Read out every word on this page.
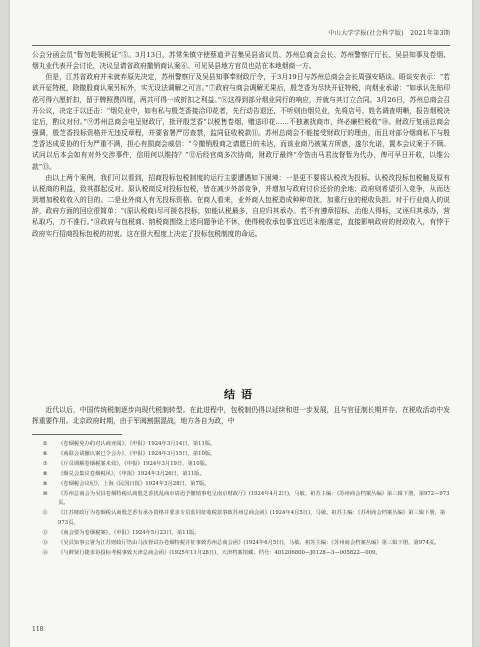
中山大学学报(社会科学版)　2021年第3期

公会分函会员“暂勿赴领税证”⑤。3月13日，苏常朱镇守使蔡道尹召集吴县省议员、苏州总商会会长、苏州警察厅厅长、吴县知事及卷烟、烟丸业代表开会讨论，决议呈请省政府撤销商认案⑥。可见吴县地方官员也站在本地烟商一方。

但是，江苏省政府并未就弃原先决定，苏州警察厅及吴县知事奉财政厅令，于3月19日与苏州总商会会长周强安晤谈。晤谈安表示：“若欲开征特税，除撤股商认案另标外，实无设法调解之可言。”⑦政府与商会调解无果后，殷芝香为尽快开征特税，向烟业承诺：“如承认先贴印花可得六厘折扣，留于牌照费四厘，两共可得一成折扣之利益。”⑧这得到部分烟业同行的响应，并就与其订立合同。3月26日，苏州总商会召开公议，决定于以还击：“烟兑业中，如有私与殷芝香接洽印花者，先行动告退还，不听则由烟兑业，先将店号、姓名调查明晰，报告烟税决定后，酌议对付。”⑨苏州总商会电呈财政厅，批评殷芝香“以税售卷烟，赠送印花……不独紊扰商市，终必廉栏税收”⑩。财政厅复函总商会强调，殷芝香投标资格并无违反章程，并要省署严厉查禁，监同征收税款⑪。苏州总商会不能接受财政厅的理由，而且对部分烟商私下与殷芝香达成妥协的行为严重不满，担心有损商会威信：“今撤销殷商之请愿日的未达，而该业商乃被某方所惑，遂尔允诺，置本会议案于不顾。试问以后本会如有对外交涉事件，信用何以维持？”⑫后经官商多次协商，财政厅最终“令饬由马君汝督暂为代办，俾可早日开收，以维公款”⑬。

由以上两个案例，我们可以看到，招商投标包税制度的运行主要遭遇如下困境：一是更不要将认税改为投标。认税改投标包税触及原有认税商的利益，致其群起反对。原认税商反对投标包税，皆在减少外部竞争，并增加与政府讨价还价的余地；政府则希望引入竞争，从而达到增加税收收入的目的。二是业外商人有无投标资格。在商人看来，业外商人包税造成种种苛扰，加重行业的税收负担。对于行业商人的说辞，政府方面的回应很简单：“(原认税商)尽可援名投标，如能认税最多，自应归其承办。若不有遵章招标，治他人得标，又诬归其承办，营私取巧，万不准行。”⑭政府与包税商、纳税商围绕上述问题争论不休，使得税收承包事宜迟迟未能落定，直接影响政府的财政收入，有悖于政府实行招商投标包税的初衷。这在很大程度上决定了投标包税制度的命运。

结语

近代以后，中国传统税制逐步向现代税制转型。在此进程中，包税制仍得以延续和进一步发展，且与官征制长期并存，在税收活动中发挥重要作用。北京政府时期，由于军阀割据混战，地方各自为政，中

⑤	《卷烟税免办的对认商亚阅》，《申报》1924年3月14日，第11版。
⑥	《商联会请撤认案已令会办》，《申报》1924年3月15日，第10版。
⑦	《斤员调解卷烟税案未效》，《申报》1924年3月19日，第10版。
⑧	《烟兑会集议卷烟税风》，《申报》1924年3月26日，第11版。
⑨	《卷烟税会议纪》，上海《民国日报》1924年3月28日，第7版。
⑩	《苏州总商会为吴县卷烟特税认商殷芝香扰乱商市请迅予撤销事电呈南京财政厅》(1924年4月2日)，马敏、祖苏主编：《苏州商会档案丛编》第三辑下册，第972—973页。
⑪	《江苏财政厅为卷烟税认商殷芝香有承办资格并要求专员监同征收税款事致苏州总商会函》(1924年4月5日)，马敏、祖苏主编：《苏州商会档案丛编》第三辑下册，第973页。
⑫	《商会要为卷烟税案》，《申报》1924年5月23日，第11版。
⑬	《吴县知事公署为江苏财政厅饬由马汝督试办卷烟特税并征事致苏州总商会函》(1924年6月5日)，马敏、祖苏主编：《苏州商会档案丛编》第三辑下册，第974页。
⑭	《与鲜贤行捷求协投标考税事致天津总商会函》(1925年11月28日)，天津档案馆藏，档号：401206800—J0128—3—005822—009。
118
